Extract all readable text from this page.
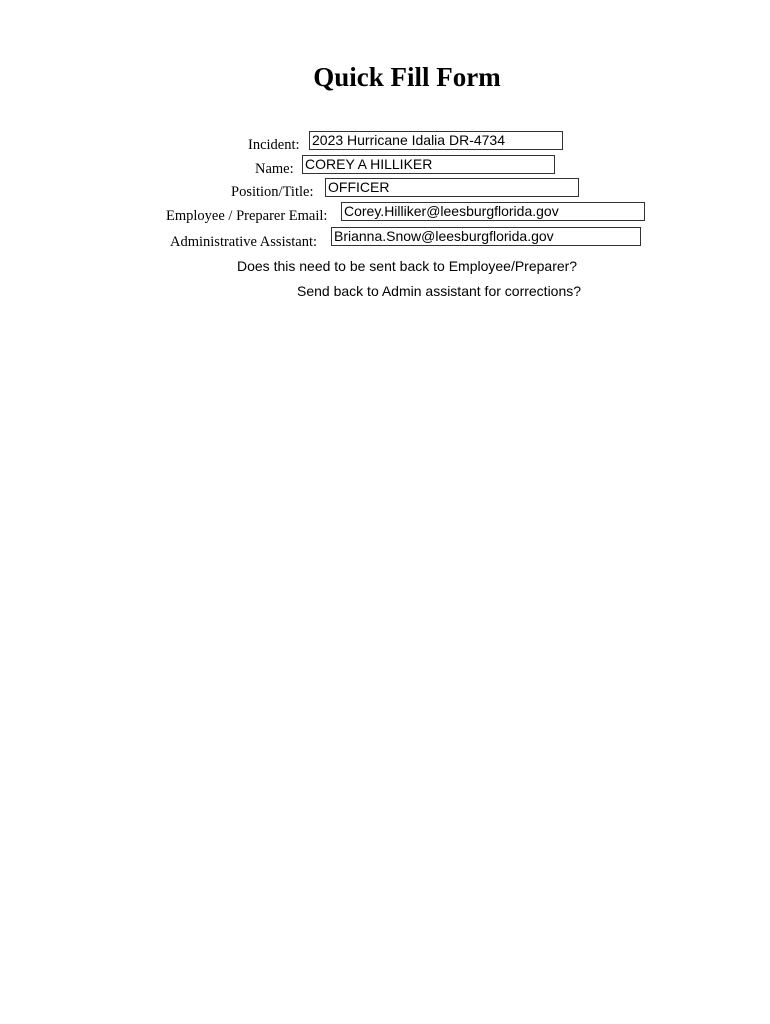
Quick Fill Form
Incident: 2023 Hurricane Idalia DR-4734
Name: COREY A HILLIKER
Position/Title: OFFICER
Employee / Preparer Email: Corey.Hilliker@leesburgflorida.gov
Administrative Assistant: Brianna.Snow@leesburgflorida.gov
Does this need to be sent back to Employee/Preparer?
Send back to Admin assistant for corrections?
